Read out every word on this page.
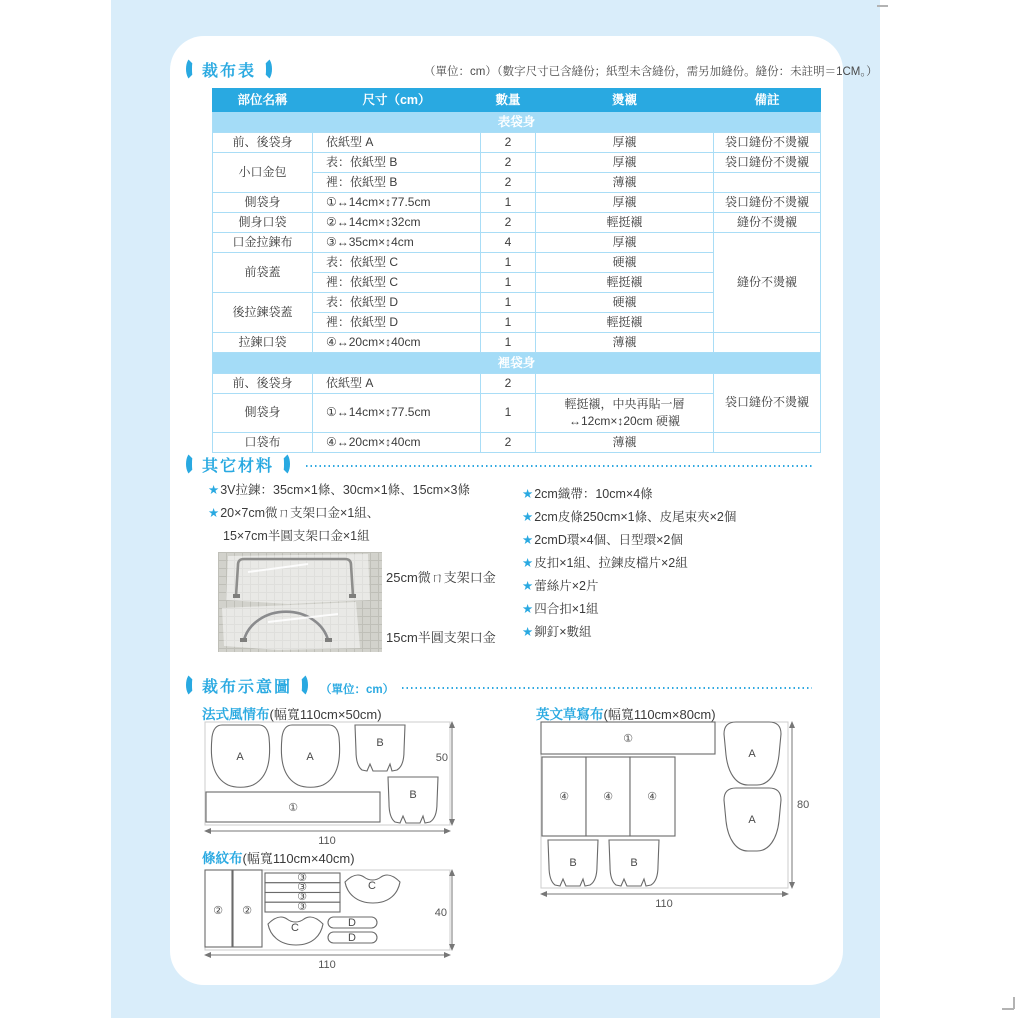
裁布表	（單位：cm）（數字尺寸已含縫份；紙型未含縫份，需另加縫份。縫份：未註明＝1CM。）
部位名稱	尺寸（cm）	數量	燙襯	備註
表袋身				
前、後袋身	依紙型 A	2	厚襯	袋口縫份不燙襯
小口金包	表：依紙型 B	2	厚襯	袋口縫份不燙襯
	裡：依紙型 B	2	薄襯	
側袋身	①↔14cm×↕77.5cm	1	厚襯	袋口縫份不燙襯
側身口袋	②↔14cm×↕32cm	2	輕挺襯	縫份不燙襯
口金拉鍊布	③↔35cm×↕4cm	4	厚襯	縫份不燙襯
前袋蓋	表：依紙型 C	1	硬襯	
	裡：依紙型 C	1	輕挺襯	
後拉鍊袋蓋	表：依紙型 D	1	硬襯	
	裡：依紙型 D	1	輕挺襯	
拉鍊口袋	④↔20cm×↕40cm	1	薄襯	
裡袋身				
前、後袋身	依紙型 A	2		袋口縫份不燙襯
側袋身	①↔14cm×↕77.5cm	1	輕挺襯，中央再貼一層
↔12cm×↕20cm 硬襯	

口袋布	④↔20cm×↕40cm	2	薄襯	
其它材料
★3V拉鍊：35cm×1條、30cm×1條、15cm×3條
★20×7cm微ㄇ支架口金×1組、
15×7cm半圓支架口金×1組
★2cm織帶：10cm×4條
★2cm皮條250cm×1條、皮尾束夾×2個
★2cmD環×4個、日型環×2個
★皮扣×1組、拉鍊皮檔片×2組
★蕾絲片×2片
★四合扣×1組
★鉚釘×數組
25cm微ㄇ支架口金
15cm半圓支架口金
裁布示意圖 （單位：cm）
法式風情布(幅寬110cm×50cm)
A	A
B
B
①
110
50
英文草寫布(幅寬110cm×80cm)
①
④	④	④
B	B
A
A
110
80
條紋布(幅寬110cm×40cm)
② ②
③
③
③
③
C
C	D
D
110
40
